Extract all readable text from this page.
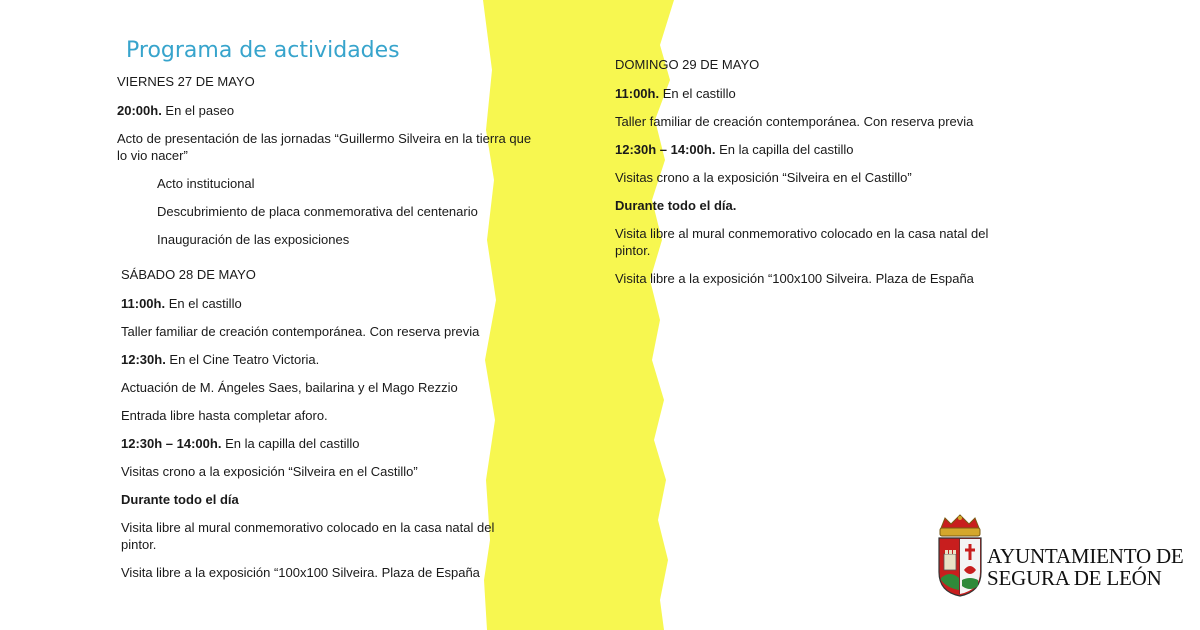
Programa de actividades
VIERNES 27 DE MAYO
20:00h. En el paseo
Acto de presentación de las jornadas “Guillermo Silveira en la tierra que lo vio nacer”
Acto institucional
Descubrimiento de placa conmemorativa del centenario
Inauguración de las exposiciones
SÁBADO 28 DE MAYO
11:00h. En el castillo
Taller familiar de creación contemporánea. Con reserva previa
12:30h. En el Cine Teatro Victoria.
Actuación de M. Ángeles Saes, bailarina y el Mago Rezzio
Entrada libre hasta completar aforo.
12:30h – 14:00h. En la capilla del castillo
Visitas crono a la exposición “Silveira en el Castillo”
Durante todo el día
Visita libre al mural conmemorativo colocado en la casa natal del pintor.
Visita libre a la exposición “100x100 Silveira. Plaza de España
DOMINGO 29 DE MAYO
11:00h. En el castillo
Taller familiar de creación contemporánea. Con reserva previa
12:30h – 14:00h. En la capilla del castillo
Visitas crono a la exposición “Silveira en el Castillo”
Durante todo el día.
Visita libre al mural conmemorativo colocado en la casa natal del pintor.
Visita libre a la exposición “100x100 Silveira. Plaza de España
AYUNTAMIENTO DE
SEGURA DE LEÓN
